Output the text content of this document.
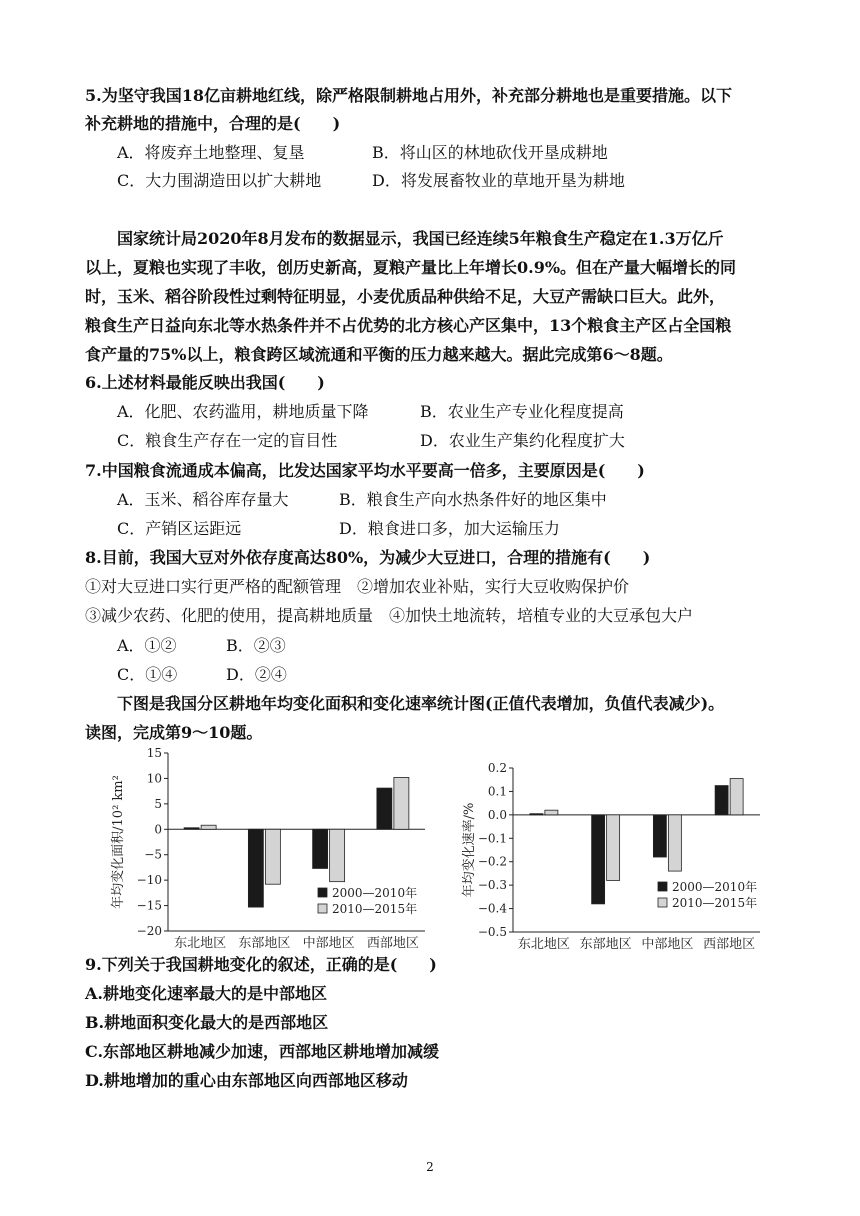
5.为坚守我国18亿亩耕地红线，除严格限制耕地占用外，补充部分耕地也是重要措施。以下
补充耕地的措施中，合理的是(　　)
A．将废弃土地整理、复垦	B．将山区的林地砍伐开垦成耕地
C．大力围湖造田以扩大耕地	D．将发展畜牧业的草地开垦为耕地
国家统计局2020年8月发布的数据显示，我国已经连续5年粮食生产稳定在1.3万亿斤
以上，夏粮也实现了丰收，创历史新高，夏粮产量比上年增长0.9%。但在产量大幅增长的同
时，玉米、稻谷阶段性过剩特征明显，小麦优质品种供给不足，大豆产需缺口巨大。此外，
粮食生产日益向东北等水热条件并不占优势的北方核心产区集中，13个粮食主产区占全国粮
食产量的75%以上，粮食跨区域流通和平衡的压力越来越大。据此完成第6～8题。
6.上述材料最能反映出我国(　　)
A．化肥、农药滥用，耕地质量下降	B．农业生产专业化程度提高
C．粮食生产存在一定的盲目性	D．农业生产集约化程度扩大
7.中国粮食流通成本偏高，比发达国家平均水平要高一倍多，主要原因是(　　)
A．玉米、稻谷库存量大	B．粮食生产向水热条件好的地区集中
C．产销区运距远	D．粮食进口多，加大运输压力
8.目前，我国大豆对外依存度高达80%，为减少大豆进口，合理的措施有(　　)
①对大豆进口实行更严格的配额管理　②增加农业补贴，实行大豆收购保护价
③减少农药、化肥的使用，提高耕地质量　④加快土地流转，培植专业的大豆承包大户
A．①②	B．②③
C．①④	D．②④
下图是我国分区耕地年均变化面积和变化速率统计图(正值代表增加，负值代表减少)。
读图，完成第9～10题。
15
10
5
0
−5
−10
−15
−20
东北地区 东部地区 中部地区 西部地区
年均变化面积/10² km²	2000—2010年
2010—2015年
0.2
0.1
0.0
−0.1
−0.2
−0.3
−0.4
−0.5
东北地区 东部地区 中部地区 西部地区
年均变化速率/%	2000—2010年
2010—2015年
9.下列关于我国耕地变化的叙述，正确的是(　　)
A.耕地变化速率最大的是中部地区
B.耕地面积变化最大的是西部地区
C.东部地区耕地减少加速，西部地区耕地增加减缓
D.耕地增加的重心由东部地区向西部地区移动
2
